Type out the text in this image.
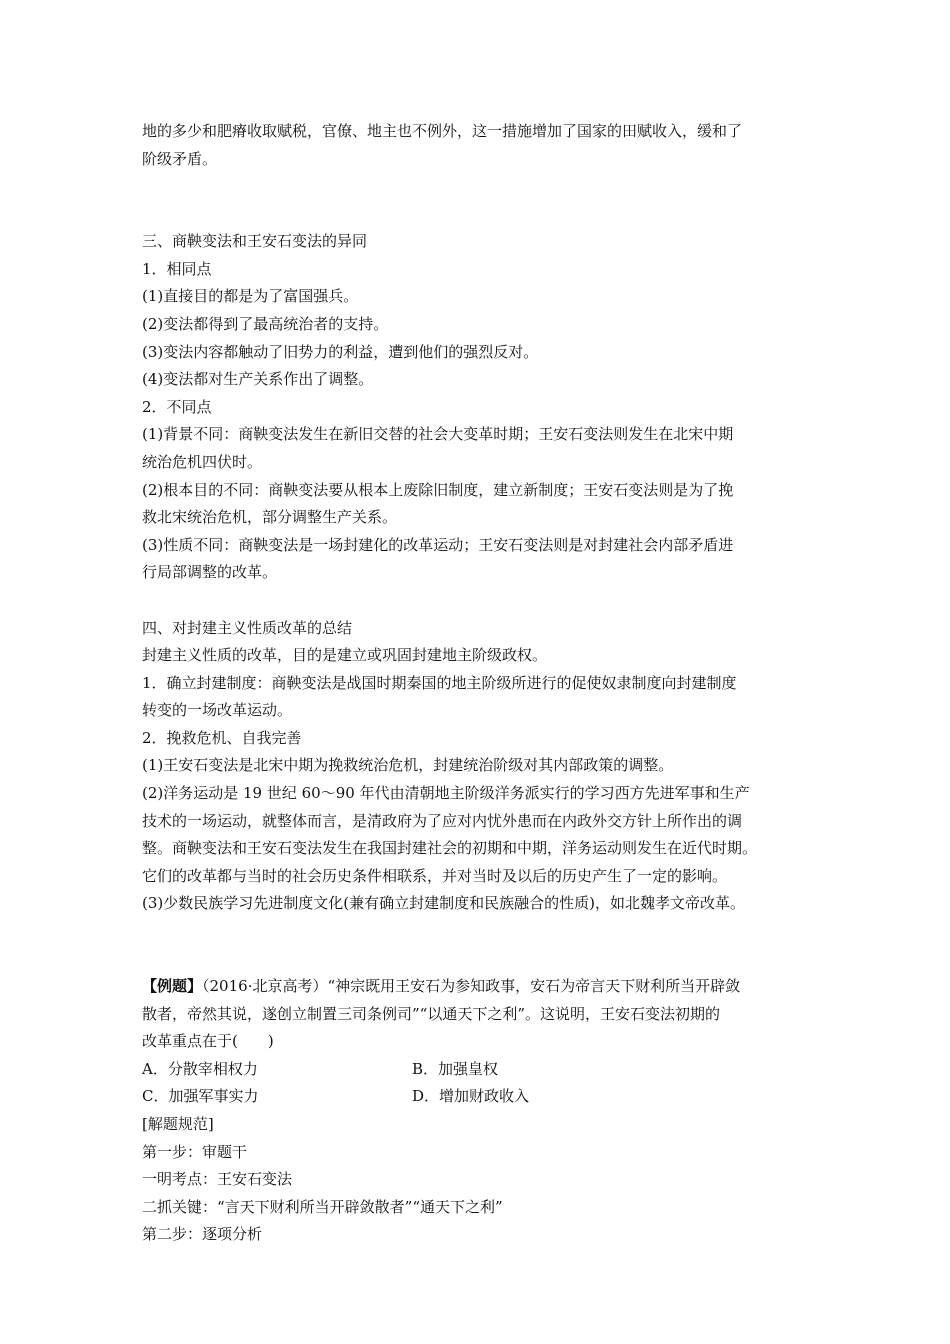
地的多少和肥瘠收取赋税，官僚、地主也不例外，这一措施增加了国家的田赋收入，缓和了
阶级矛盾。
三、商鞅变法和王安石变法的异同
1．相同点
(1)直接目的都是为了富国强兵。
(2)变法都得到了最高统治者的支持。
(3)变法内容都触动了旧势力的利益，遭到他们的强烈反对。
(4)变法都对生产关系作出了调整。
2．不同点
(1)背景不同：商鞅变法发生在新旧交替的社会大变革时期；王安石变法则发生在北宋中期
统治危机四伏时。
(2)根本目的不同：商鞅变法要从根本上废除旧制度，建立新制度；王安石变法则是为了挽
救北宋统治危机，部分调整生产关系。
(3)性质不同：商鞅变法是一场封建化的改革运动；王安石变法则是对封建社会内部矛盾进
行局部调整的改革。
四、对封建主义性质改革的总结
封建主义性质的改革，目的是建立或巩固封建地主阶级政权。
1．确立封建制度：商鞅变法是战国时期秦国的地主阶级所进行的促使奴隶制度向封建制度
转变的一场改革运动。
2．挽救危机、自我完善
(1)王安石变法是北宋中期为挽救统治危机，封建统治阶级对其内部政策的调整。
(2)洋务运动是 19 世纪 60～90 年代由清朝地主阶级洋务派实行的学习西方先进军事和生产
技术的一场运动，就整体而言，是清政府为了应对内忧外患而在内政外交方针上所作出的调
整。商鞅变法和王安石变法发生在我国封建社会的初期和中期，洋务运动则发生在近代时期。
它们的改革都与当时的社会历史条件相联系，并对当时及以后的历史产生了一定的影响。
(3)少数民族学习先进制度文化(兼有确立封建制度和民族融合的性质)，如北魏孝文帝改革。
【例题】（2016·北京高考）“神宗既用王安石为参知政事，安石为帝言天下财利所当开辟敛
散者，帝然其说，遂创立制置三司条例司”“以通天下之利”。这说明，王安石变法初期的
改革重点在于(　　)
A．分散宰相权力	B．加强皇权
C．加强军事实力	D．增加财政收入
[解题规范]
第一步：审题干
一明考点：王安石变法
二抓关键：“言天下财利所当开辟敛散者”“通天下之利”
第二步：逐项分析
